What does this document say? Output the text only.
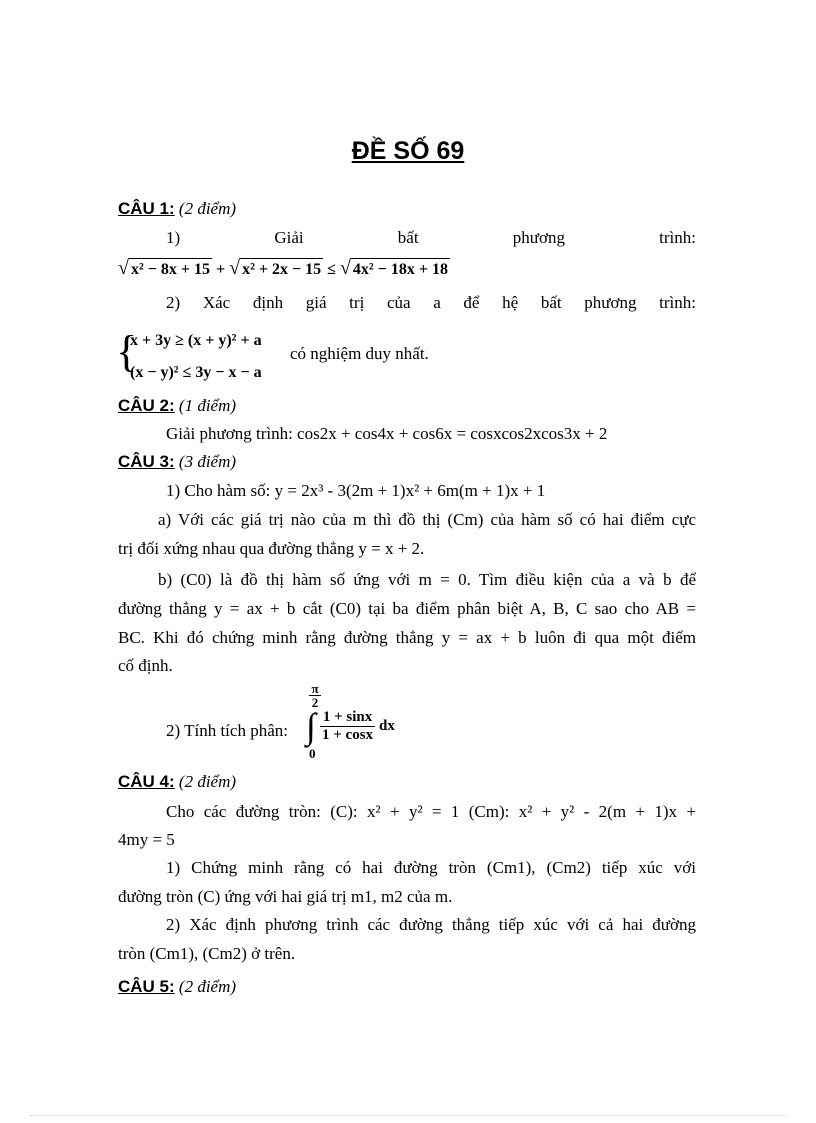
ĐỀ SỐ 69
CÂU 1: (2 điểm)
1)	Giải	bất	phương	trình:
√ x² − 8x + 15 + √ x² + 2x − 15 ≤ √ 4x² − 18x + 18
2) Xác định giá trị của a để hệ bất phương trình:
{
x + 3y ≥ (x + y)² + a
(x − y)² ≤ 3y − x − a
có nghiệm duy nhất.
CÂU 2: (1 điểm)
Giải phương trình: cos2x + cos4x + cos6x = cosxcos2xcos3x + 2
CÂU 3: (3 điểm)
1) Cho hàm số: y = 2x³ - 3(2m + 1)x² + 6m(m + 1)x + 1
a) Với các giá trị nào của m thì đồ thị (Cm) của hàm số có hai điểm cực
trị đối xứng nhau qua đường thẳng y = x + 2.
b) (C0) là đồ thị hàm số ứng với m = 0. Tìm điều kiện của a và b để
đường thẳng y = ax + b cắt (C0) tại ba điểm phân biệt A, B, C sao cho AB =
BC. Khi đó chứng minh rằng đường thẳng y = ax + b luôn đi qua một điểm
cố định.
2) Tính tích phân:
$\frac{\pi}{2}$
∫
0
$\frac{1 + \sin x}{1 + \cos x}$ dx
CÂU 4: (2 điểm)
Cho các đường tròn: (C): x² + y² = 1 (Cm): x² + y² - 2(m + 1)x +
4my = 5
1) Chứng minh rằng có hai đường tròn (Cm1), (Cm2) tiếp xúc với
đường tròn (C) ứng với hai giá trị m1, m2 của m.
2) Xác định phương trình các đường thẳng tiếp xúc với cả hai đường
tròn (Cm1), (Cm2) ở trên.
CÂU 5: (2 điểm)
